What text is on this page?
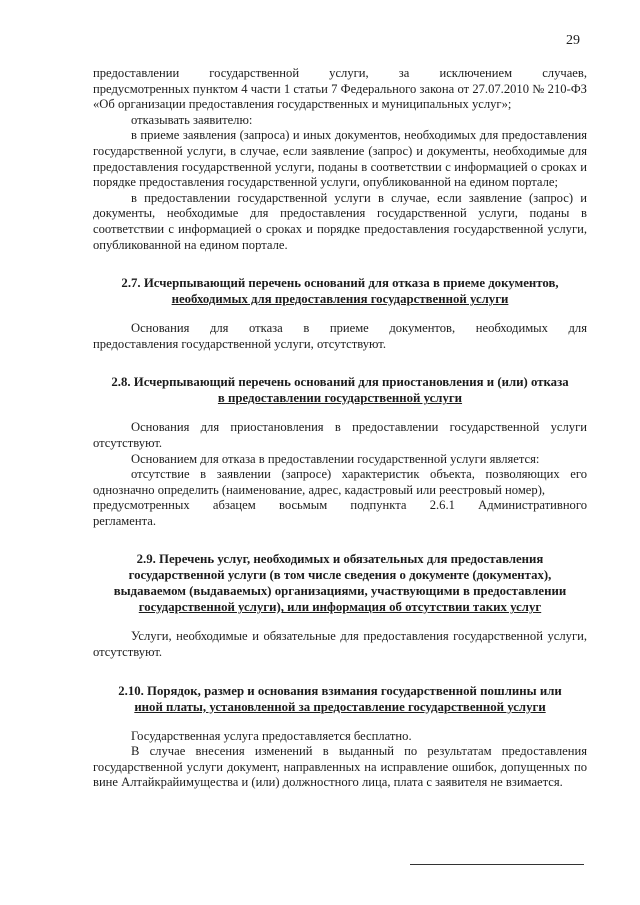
29

предоставлении государственной услуги, за исключением случаев,

предусмотренных пунктом 4 части 1 статьи 7 Федерального закона от 27.07.2010 № 210-ФЗ «Об организации предоставления государственных и муниципальных услуг»;

отказывать заявителю:

в приеме заявления (запроса) и иных документов, необходимых для предоставления государственной услуги, в случае, если заявление (запрос) и документы, необходимые для предоставления государственной услуги, поданы в соответствии с информацией о сроках и порядке предоставления государственной услуги, опубликованной на едином портале;

в предоставлении государственной услуги в случае, если заявление (запрос) и документы, необходимые для предоставления государственной услуги, поданы в соответствии с информацией о сроках и порядке предоставления государственной услуги, опубликованной на едином портале.

2.7. Исчерпывающий перечень оснований для отказа в приеме документов,
необходимых для предоставления государственной услуги

Основания для отказа в приеме документов, необходимых для

предоставления государственной услуги, отсутствуют.

2.8. Исчерпывающий перечень оснований для приостановления и (или) отказа
в предоставлении государственной услуги

Основания для приостановления в предоставлении государственной услуги отсутствуют.

Основанием для отказа в предоставлении государственной услуги является:

отсутствие в заявлении (запросе) характеристик объекта, позволяющих его однозначно определить (наименование, адрес, кадастровый или реестровый номер),

предусмотренных абзацем восьмым подпункта 2.6.1 Административного

регламента.

2.9. Перечень услуг, необходимых и обязательных для предоставления
государственной услуги (в том числе сведения о документе (документах),
выдаваемом (выдаваемых) организациями, участвующими в предоставлении
государственной услуги), или информация об отсутствии таких услуг

Услуги, необходимые и обязательные для предоставления государственной услуги, отсутствуют.

2.10. Порядок, размер и основания взимания государственной пошлины или
иной платы, установленной за предоставление государственной услуги

Государственная услуга предоставляется бесплатно.

В случае внесения изменений в выданный по результатам предоставления государственной услуги документ, направленных на исправление ошибок, допущенных по вине Алтайкрайимущества и (или) должностного лица, плата с заявителя не взимается.
